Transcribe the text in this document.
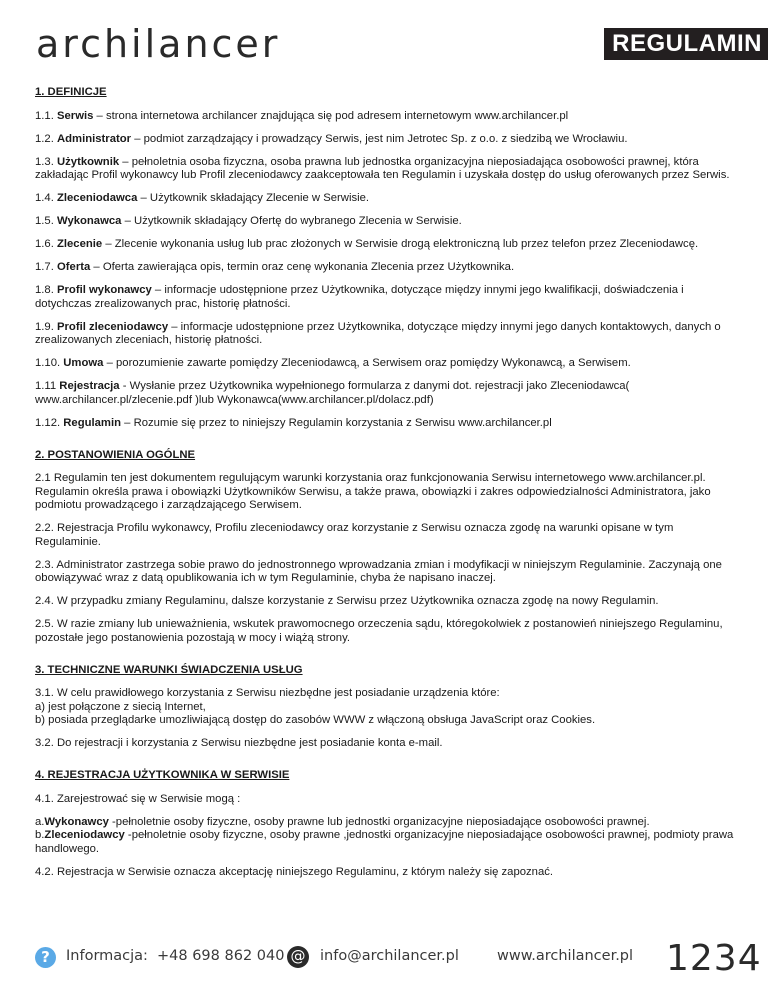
archilancer	REGULAMIN
1. DEFINICJE
1.1. Serwis – strona internetowa archilancer znajdująca się pod adresem internetowym www.archilancer.pl
1.2. Administrator – podmiot zarządzający i prowadzący Serwis, jest nim Jetrotec Sp. z o.o. z siedzibą we Wrocławiu.
1.3. Użytkownik – pełnoletnia osoba fizyczna, osoba prawna lub jednostka organizacyjna nieposiadająca osobowości prawnej, która zakładając Profil wykonawcy lub Profil zleceniodawcy zaakceptowała ten Regulamin i uzyskała dostęp do usług oferowanych przez Serwis.
1.4. Zleceniodawca – Użytkownik składający Zlecenie w Serwisie.
1.5. Wykonawca – Użytkownik składający Ofertę do wybranego Zlecenia w Serwisie.
1.6. Zlecenie – Zlecenie wykonania usług lub prac złożonych w Serwisie drogą elektroniczną lub przez telefon przez Zleceniodawcę.
1.7. Oferta – Oferta zawierająca opis, termin oraz cenę wykonania Zlecenia przez Użytkownika.
1.8. Profil wykonawcy – informacje udostępnione przez Użytkownika, dotyczące między innymi jego kwalifikacji, doświadczenia i dotychczas zrealizowanych prac, historię płatności.
1.9. Profil zleceniodawcy – informacje udostępnione przez Użytkownika, dotyczące między innymi jego danych kontaktowych, danych o zrealizowanych zleceniach, historię płatności.
1.10. Umowa – porozumienie zawarte pomiędzy Zleceniodawcą, a Serwisem oraz pomiędzy Wykonawcą, a Serwisem.
1.11 Rejestracja - Wysłanie przez Użytkownika wypełnionego formularza z danymi dot. rejestracji jako Zleceniodawca( www.archilancer.pl/zlecenie.pdf )lub Wykonawca(www.archilancer.pl/dolacz.pdf)
1.12. Regulamin – Rozumie się przez to niniejszy Regulamin korzystania z Serwisu www.archilancer.pl
2. POSTANOWIENIA OGÓLNE
2.1 Regulamin ten jest dokumentem regulującym warunki korzystania oraz funkcjonowania Serwisu internetowego www.archilancer.pl. Regulamin określa prawa i obowiązki Użytkowników Serwisu, a także prawa, obowiązki i zakres odpowiedzialności Administratora, jako podmiotu prowadzącego i zarządzającego Serwisem.
2.2. Rejestracja Profilu wykonawcy, Profilu zleceniodawcy oraz korzystanie z Serwisu oznacza zgodę na warunki opisane w tym Regulaminie.
2.3. Administrator zastrzega sobie prawo do jednostronnego wprowadzania zmian i modyfikacji w niniejszym Regulaminie. Zaczynają one obowiązywać wraz z datą opublikowania ich w tym Regulaminie, chyba że napisano inaczej.
2.4. W przypadku zmiany Regulaminu, dalsze korzystanie z Serwisu przez Użytkownika oznacza zgodę na nowy Regulamin.
2.5. W razie zmiany lub unieważnienia, wskutek prawomocnego orzeczenia sądu, któregokolwiek z postanowień niniejszego Regulaminu, pozostałe jego postanowienia pozostają w mocy i wiążą strony.
3. TECHNICZNE WARUNKI ŚWIADCZENIA USŁUG
3.1. W celu prawidłowego korzystania z Serwisu niezbędne jest posiadanie urządzenia które:
a) jest połączone z siecią Internet,
b) posiada przeglądarke umozliwiającą dostęp do zasobów WWW z włączoną obsługa JavaScript oraz Cookies.
3.2. Do rejestracji i korzystania z Serwisu niezbędne jest posiadanie konta e-mail.
4. REJESTRACJA UŻYTKOWNIKA W SERWISIE
4.1. Zarejestrować się w Serwisie mogą :
a.Wykonawcy -pełnoletnie osoby fizyczne, osoby prawne lub jednostki organizacyjne nieposiadające osobowości prawnej.
b.Zleceniodawcy -pełnoletnie osoby fizyczne, osoby prawne ,jednostki organizacyjne nieposiadające osobowości prawnej, podmioty prawa handlowego.
4.2. Rejestracja w Serwisie oznacza akceptację niniejszego Regulaminu, z którym należy się zapoznać.
?	Informacja: +48 698 862 040 @ info@archilancer.pl	www.archilancer.pl 1234
